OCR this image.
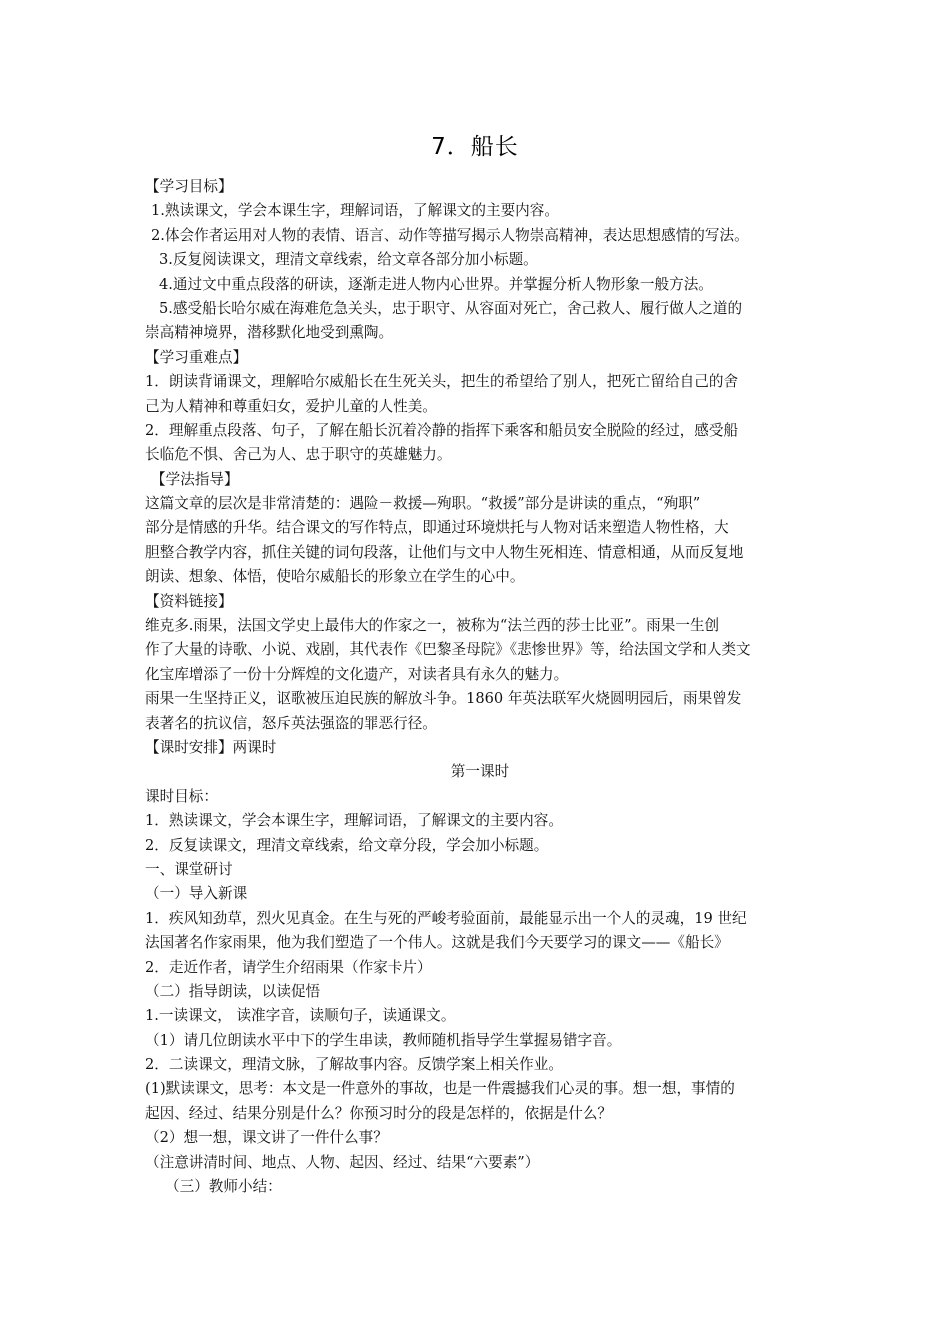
7．船长
【学习目标】
1.熟读课文，学会本课生字，理解词语，了解课文的主要内容。
2.体会作者运用对人物的表情、语言、动作等描写揭示人物崇高精神，表达思想感情的写法。
3.反复阅读课文，理清文章线索，给文章各部分加小标题。
4.通过文中重点段落的研读，逐渐走进人物内心世界。并掌握分析人物形象一般方法。
5.感受船长哈尔威在海难危急关头，忠于职守、从容面对死亡，舍己救人、履行做人之道的
崇高精神境界，潜移默化地受到熏陶。
【学习重难点】
1．朗读背诵课文，理解哈尔威船长在生死关头，把生的希望给了别人，把死亡留给自己的舍
己为人精神和尊重妇女，爱护儿童的人性美。
2．理解重点段落、句子，了解在船长沉着冷静的指挥下乘客和船员安全脱险的经过，感受船
长临危不惧、舍己为人、忠于职守的英雄魅力。
【学法指导】
这篇文章的层次是非常清楚的：遇险－救援—殉职。“救援”部分是讲读的重点，“殉职”
部分是情感的升华。结合课文的写作特点，即通过环境烘托与人物对话来塑造人物性格，大
胆整合教学内容，抓住关键的词句段落，让他们与文中人物生死相连、情意相通，从而反复地
朗读、想象、体悟，使哈尔威船长的形象立在学生的心中。
【资料链接】
维克多.雨果，法国文学史上最伟大的作家之一，被称为“法兰西的莎士比亚”。雨果一生创
作了大量的诗歌、小说、戏剧，其代表作《巴黎圣母院》《悲惨世界》等，给法国文学和人类文
化宝库增添了一份十分辉煌的文化遗产，对读者具有永久的魅力。
雨果一生坚持正义，讴歌被压迫民族的解放斗争。1860 年英法联军火烧圆明园后，雨果曾发
表著名的抗议信，怒斥英法强盗的罪恶行径。
【课时安排】两课时
第一课时
课时目标：
1．熟读课文，学会本课生字，理解词语，了解课文的主要内容。
2．反复读课文，理清文章线索，给文章分段，学会加小标题。
一、课堂研讨
（一）导入新课
1．疾风知劲草，烈火见真金。在生与死的严峻考验面前，最能显示出一个人的灵魂，19 世纪
法国著名作家雨果，他为我们塑造了一个伟人。这就是我们今天要学习的课文——《船长》
2．走近作者，请学生介绍雨果（作家卡片）
（二）指导朗读，以读促悟
1.一读课文， 读准字音，读顺句子，读通课文。
（1）请几位朗读水平中下的学生串读，教师随机指导学生掌握易错字音。
2．二读课文，理清文脉，了解故事内容。反馈学案上相关作业。
(1)默读课文，思考：本文是一件意外的事故，也是一件震撼我们心灵的事。想一想，事情的
起因、经过、结果分别是什么？你预习时分的段是怎样的，依据是什么？
（2）想一想，课文讲了一件什么事？
（注意讲清时间、地点、人物、起因、经过、结果“六要素”）
（三）教师小结：
